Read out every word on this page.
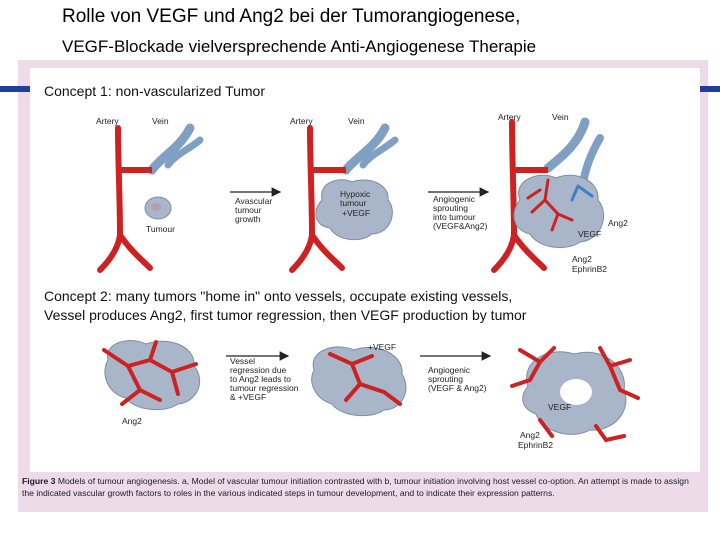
Rolle von VEGF und Ang2 bei der Tumorangiogenese,
VEGF-Blockade vielversprechende Anti-Angiogenese Therapie
Concept 1: non-vascularized Tumor
Concept 2: many tumors "home in" onto vessels, occupate existing vessels,
Vessel produces Ang2, first tumor regression, then VEGF production by tumor
Artery	Vein
Tumour
Avascular
tumour
growth
Artery	Vein
Hypoxic
tumour
+VEGF
Angiogenic
sprouting
into tumour
(VEGF&Ang2)
Artery	Vein
Ang2
VEGF
Ang2
EphrinB2
Ang2
Vessel
regression due
to Ang2 leads to
tumour regression
& +VEGF
+VEGF
Angiogenic
sprouting
(VEGF & Ang2)
VEGF
Ang2
EphrinB2
Figure 3 Models of tumour angiogenesis. a, Model of vascular tumour initiation contrasted with b, tumour initiation involving host vessel co-option. An attempt is made to assign
the indicated vascular growth factors to roles in the various indicated steps in tumour development, and to indicate their expression patterns.
